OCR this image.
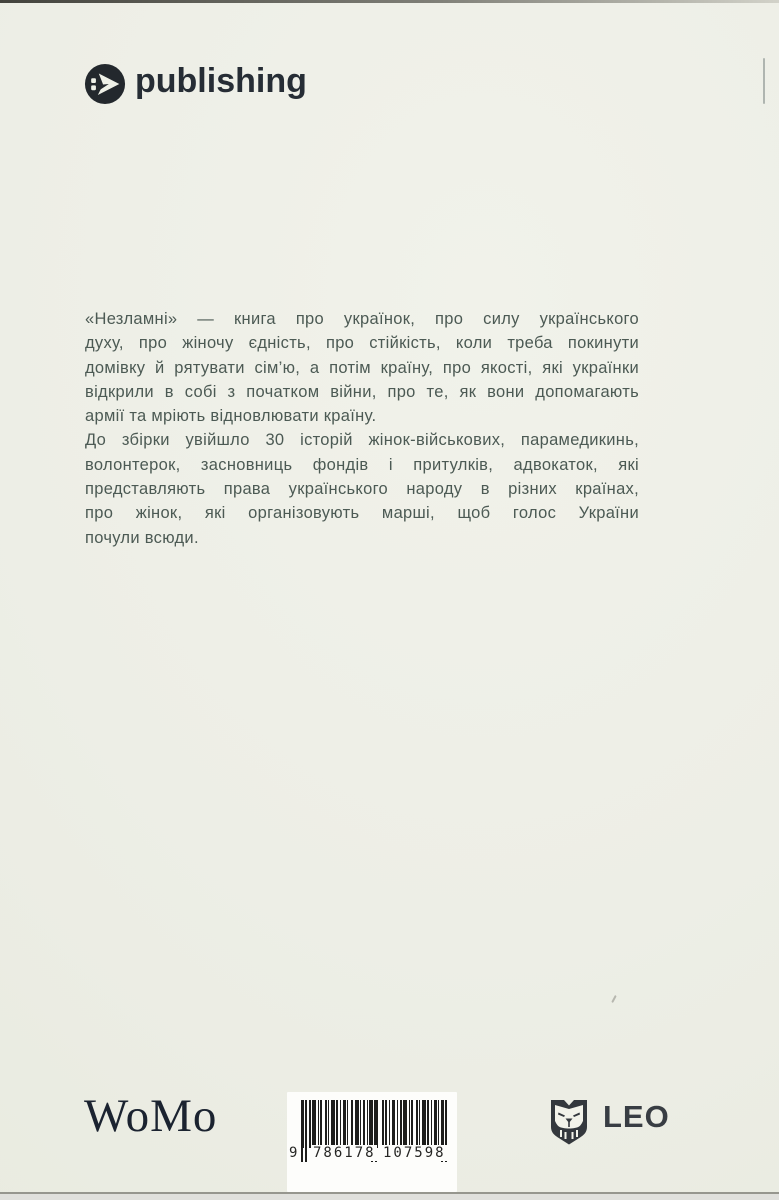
publishing
«Незламні» — книга про українок, про силу українського
духу, про жіночу єдність, про стійкість, коли треба покинути
домівку й рятувати сім’ю, а потім країну, про якості, які українки
відкрили в собі з початком війни, про те, як вони допомагають
армії та мріють відновлювати країну.
До збірки увійшло 30 історій жінок-військових, парамедикинь,
волонтерок, засновниць фондів і притулків, адвокаток, які
представляють права українського народу в різних країнах,
про жінок, які організовують марші, щоб голос України
почули всюди.
WoMo
9 786178 107598
LEO
